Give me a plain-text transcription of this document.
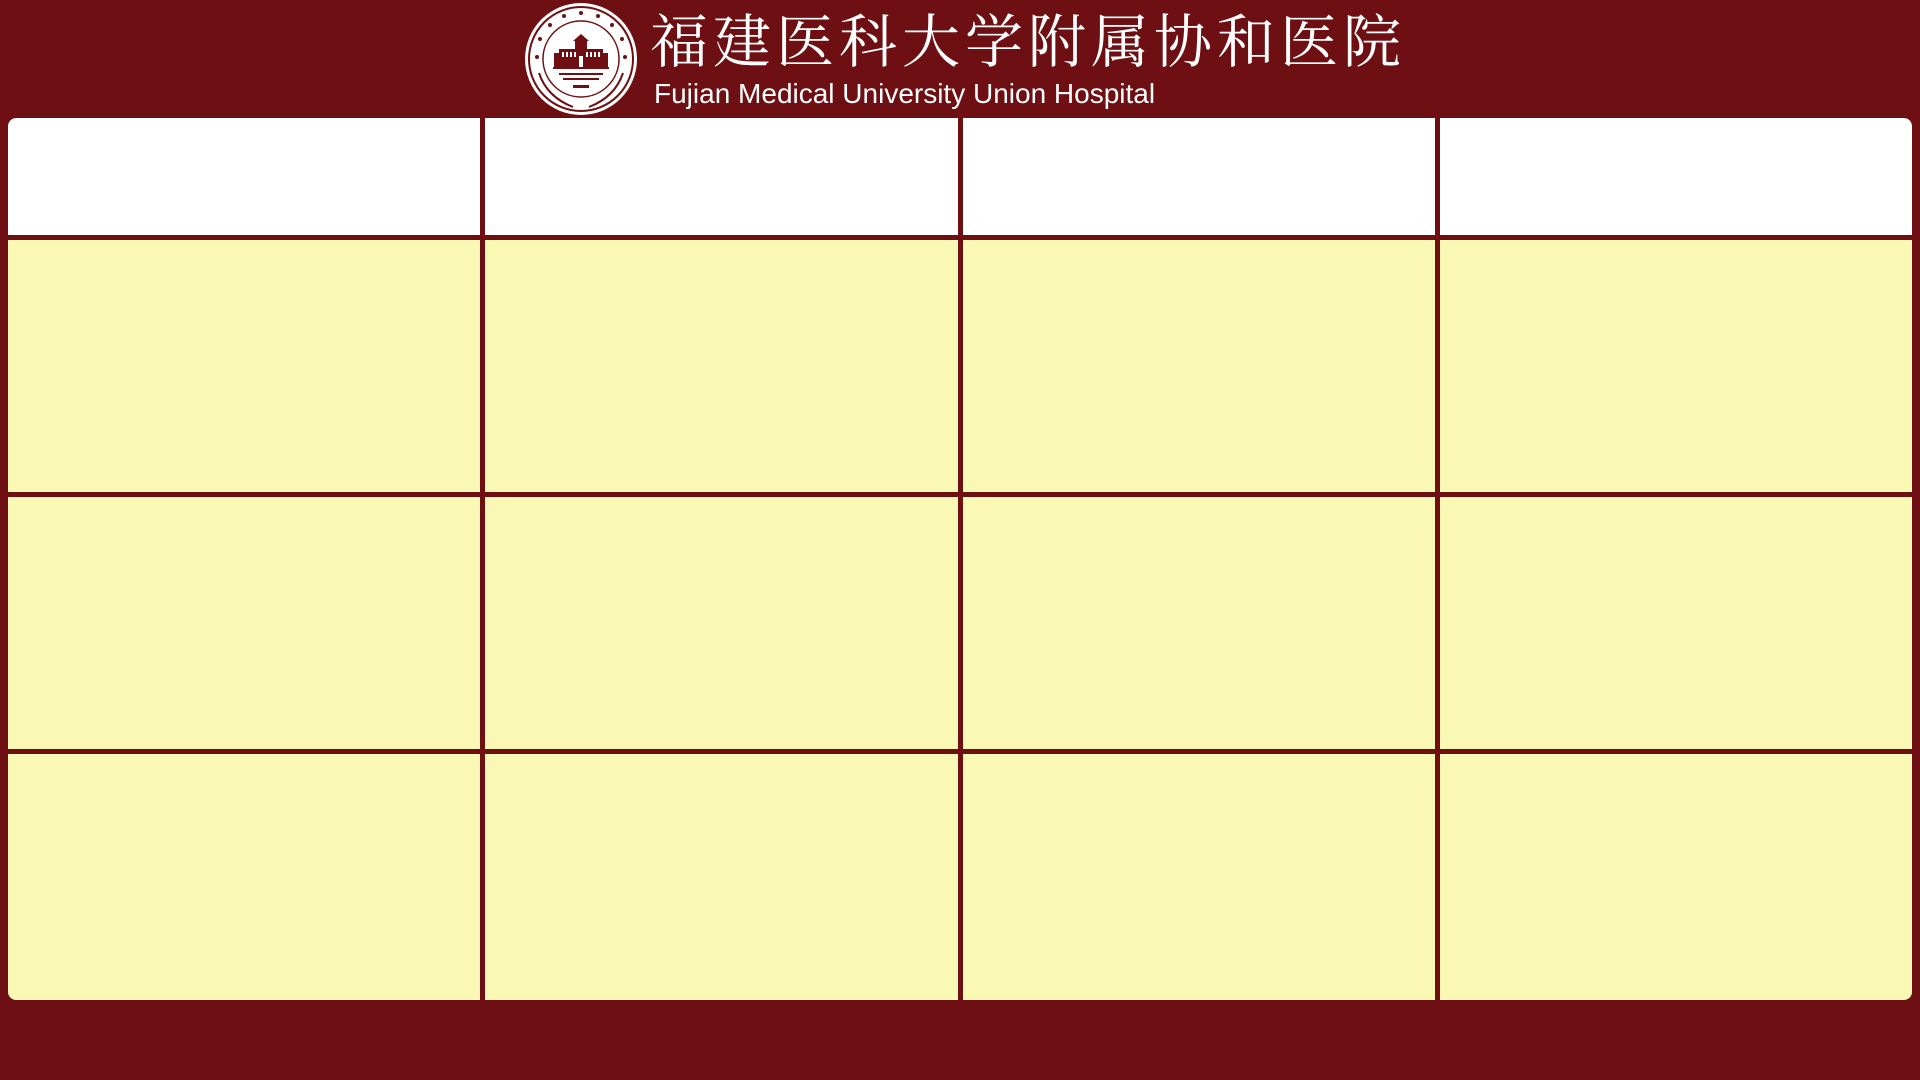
福建医科大学附属协和医院
Fujian Medical University Union Hospital
